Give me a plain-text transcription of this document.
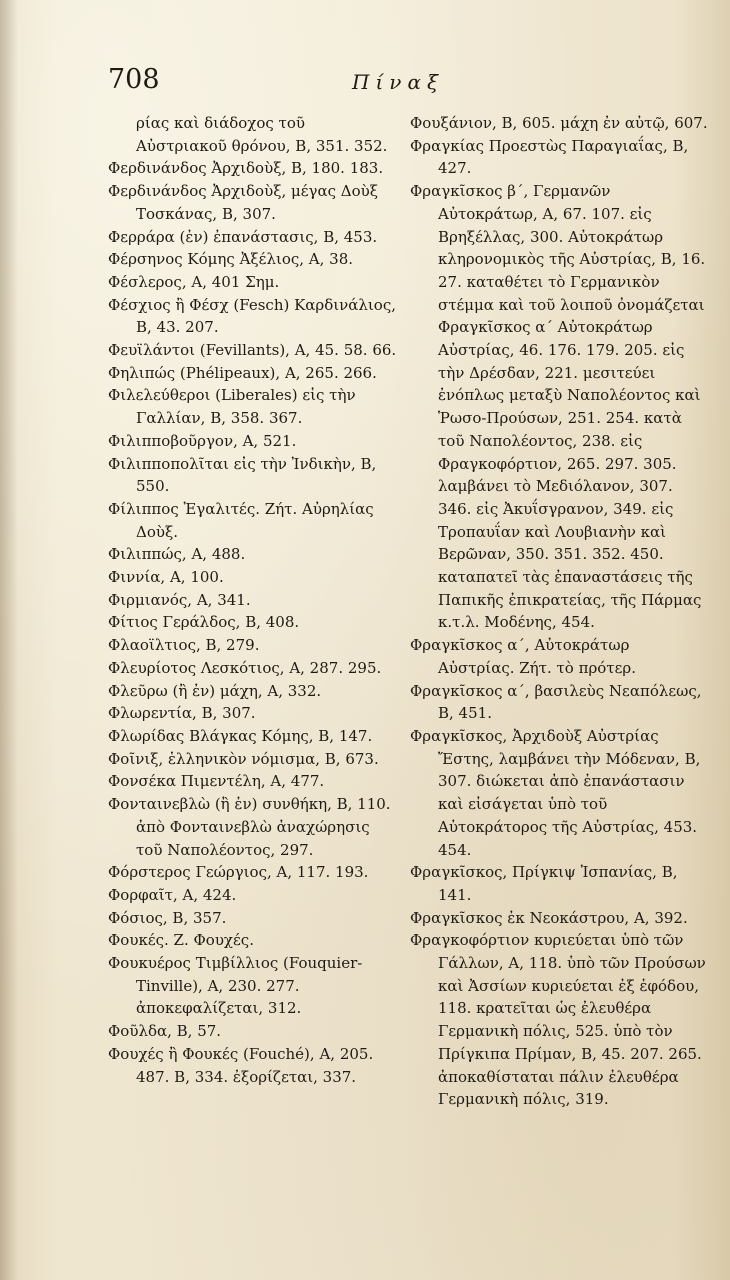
708	Πίναξ

ρίας καὶ διάδοχος τοῦ Αὐστριακοῦ θρόνου, Β, 351. 352.

Φερδινάνδος Ἀρχιδοὺξ, Β, 180. 183.

Φερδινάνδος Ἀρχιδοὺξ, μέγας Δοὺξ Τοσκάνας, Β, 307.

Φερράρα (ἐν) ἐπανάστασις, Β, 453.

Φέρσηνος Κόμης Ἀξέλιος, Α, 38.

Φέσλερος, Α, 401 Σημ.

Φέσχιος ἢ Φέσχ (Fesch) Καρδινάλιος, Β, 43. 207.

Φευϊλάντοι (Fevillants), Α, 45. 58. 66.

Φηλιπώς (Phélipeaux), Α, 265. 266.

Φιλελεύθεροι (Liberales) εἰς τὴν Γαλλίαν, Β, 358. 367.

Φιλιπποβοῦργον, Α, 521.

Φιλιπποπολῖται εἰς τὴν Ἰνδικὴν, Β, 550.

Φίλιππος Ἐγαλιτές. Ζήτ. Αὐρηλίας Δοὺξ.

Φιλιππώς, Α, 488.

Φιννία, Α, 100.

Φιρμιανός, Α, 341.

Φίτιος Γεράλδος, Β, 408.

Φλαοϊλτιος, Β, 279.

Φλευρίοτος Λεσκότιος, Α, 287. 295.

Φλεῦρω (ἢ ἐν) μάχη, Α, 332.

Φλωρεντία, Β, 307.

Φλωρίδας Βλάγκας Κόμης, Β, 147.

Φοῖνιξ, ἑλληνικὸν νόμισμα, Β, 673.

Φονσέκα Πιμεντέλη, Α, 477.

Φονταινεβλὼ (ἢ ἐν) συνθήκη, Β, 110. ἀπὸ Φονταινεβλὼ ἀναχώρησις τοῦ Ναπολέοντος, 297.

Φόρστερος Γεώργιος, Α, 117. 193.

Φορφαῖτ, Α, 424.

Φόσιος, Β, 357.

Φουκές. Ζ. Φουχές.

Φουκυέρος Τιμβίλλιος (Fouquier-Tinville), Α, 230. 277. ἀποκεφαλίζεται, 312.

Φοῦλδα, Β, 57.

Φουχές ἢ Φουκές (Fouché), Α, 205. 487. Β, 334. ἐξορίζεται, 337.

Φουξάνιον, Β, 605. μάχη ἐν αὐτῷ, 607.

Φραγκίας Προεστὼς Παραγιαΐας, Β, 427.

Φραγκῖσκος β΄, Γερμανῶν Αὐτοκράτωρ, Α, 67. 107. εἰς Βρηξέλλας, 300. Αὐτοκράτωρ κληρονομικὸς τῆς Αὐστρίας, Β, 16. 27. καταθέτει τὸ Γερμανικὸν στέμμα καὶ τοῦ λοιποῦ ὀνομάζεται Φραγκῖσκος α΄ Αὐτοκράτωρ Αὐστρίας, 46. 176. 179. 205. εἰς τὴν Δρέσδαν, 221. μεσιτεύει ἐνόπλως μεταξὺ Ναπολέοντος καὶ Ῥωσο-Προύσων, 251. 254. κατὰ τοῦ Ναπολέοντος, 238. εἰς Φραγκοφόρτιον, 265. 297. 305. λαμβάνει τὸ Μεδιόλανον, 307. 346. εἰς Ἀκυΐσγρανον, 349. εἰς Τροπαυΐαν καὶ Λουβιανὴν καὶ Βερῶναν, 350. 351. 352. 450. καταπατεῖ τὰς ἐπαναστάσεις τῆς Παπικῆς ἐπικρατείας, τῆς Πάρμας κ.τ.λ. Μοδένης, 454.

Φραγκῖσκος α΄, Αὐτοκράτωρ Αὐστρίας. Ζήτ. τὸ πρότερ.

Φραγκῖσκος α΄, βασιλεὺς Νεαπόλεως, Β, 451.

Φραγκῖσκος, Ἀρχιδοὺξ Αὐστρίας Ἔστης, λαμβάνει τὴν Μόδεναν, Β, 307. διώκεται ἀπὸ ἐπανάστασιν καὶ εἰσάγεται ὑπὸ τοῦ Αὐτοκράτορος τῆς Αὐστρίας, 453. 454.

Φραγκῖσκος, Πρίγκιψ Ἰσπανίας, Β, 141.

Φραγκῖσκος ἐκ Νεοκάστρου, Α, 392.

Φραγκοφόρτιον κυριεύεται ὑπὸ τῶν Γάλλων, Α, 118. ὑπὸ τῶν Προύσων καὶ Ἀσσίων κυριεύεται ἐξ ἐφόδου, 118. κρατεῖται ὡς ἐλευθέρα Γερμανικὴ πόλις, 525. ὑπὸ τὸν Πρίγκιπα Πρίμαν, Β, 45. 207. 265. ἀποκαθίσταται πάλιν ἐλευθέρα Γερμανικὴ πόλις, 319.
